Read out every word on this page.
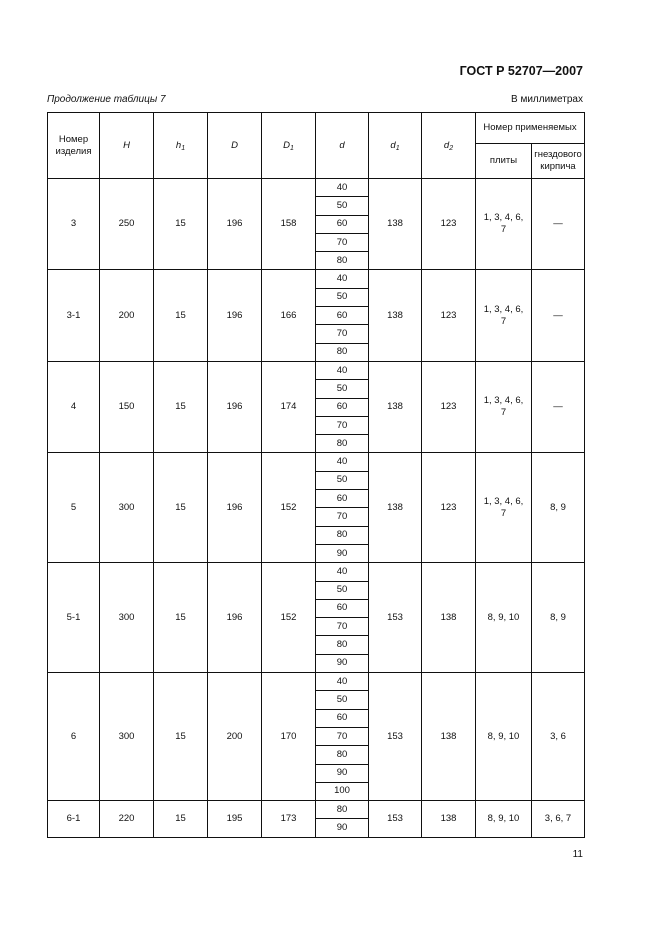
ГОСТ Р 52707—2007
Продолжение таблицы 7	В миллиметрах
Номер изделия	H	$h_1$	D	$D_1$	d	$d_1$	$d_2$	Номер применяемых	
								плиты	гнездового кирпича
3	250	15	196	158	40	138	123	1, 3, 4, 6, 7	—
					50				
					60				
					70				
					80				
3-1	200	15	196	166	40	138	123	1, 3, 4, 6, 7	—
					50				
					60				
					70				
					80				
4	150	15	196	174	40	138	123	1, 3, 4, 6, 7	—
					50				
					60				
					70				
					80				
5	300	15	196	152	40	138	123	1, 3, 4, 6, 7	8, 9
					50				
					60				
					70				
					80				
					90				
5-1	300	15	196	152	40	153	138	8, 9, 10	8, 9
					50				
					60				
					70				
					80				
					90				
6	300	15	200	170	40	153	138	8, 9, 10	3, 6
					50				
					60				
					70				
					80				
					90				
					100				
6-1	220	15	195	173	80	153	138	8, 9, 10	3, 6, 7
					90				
11
